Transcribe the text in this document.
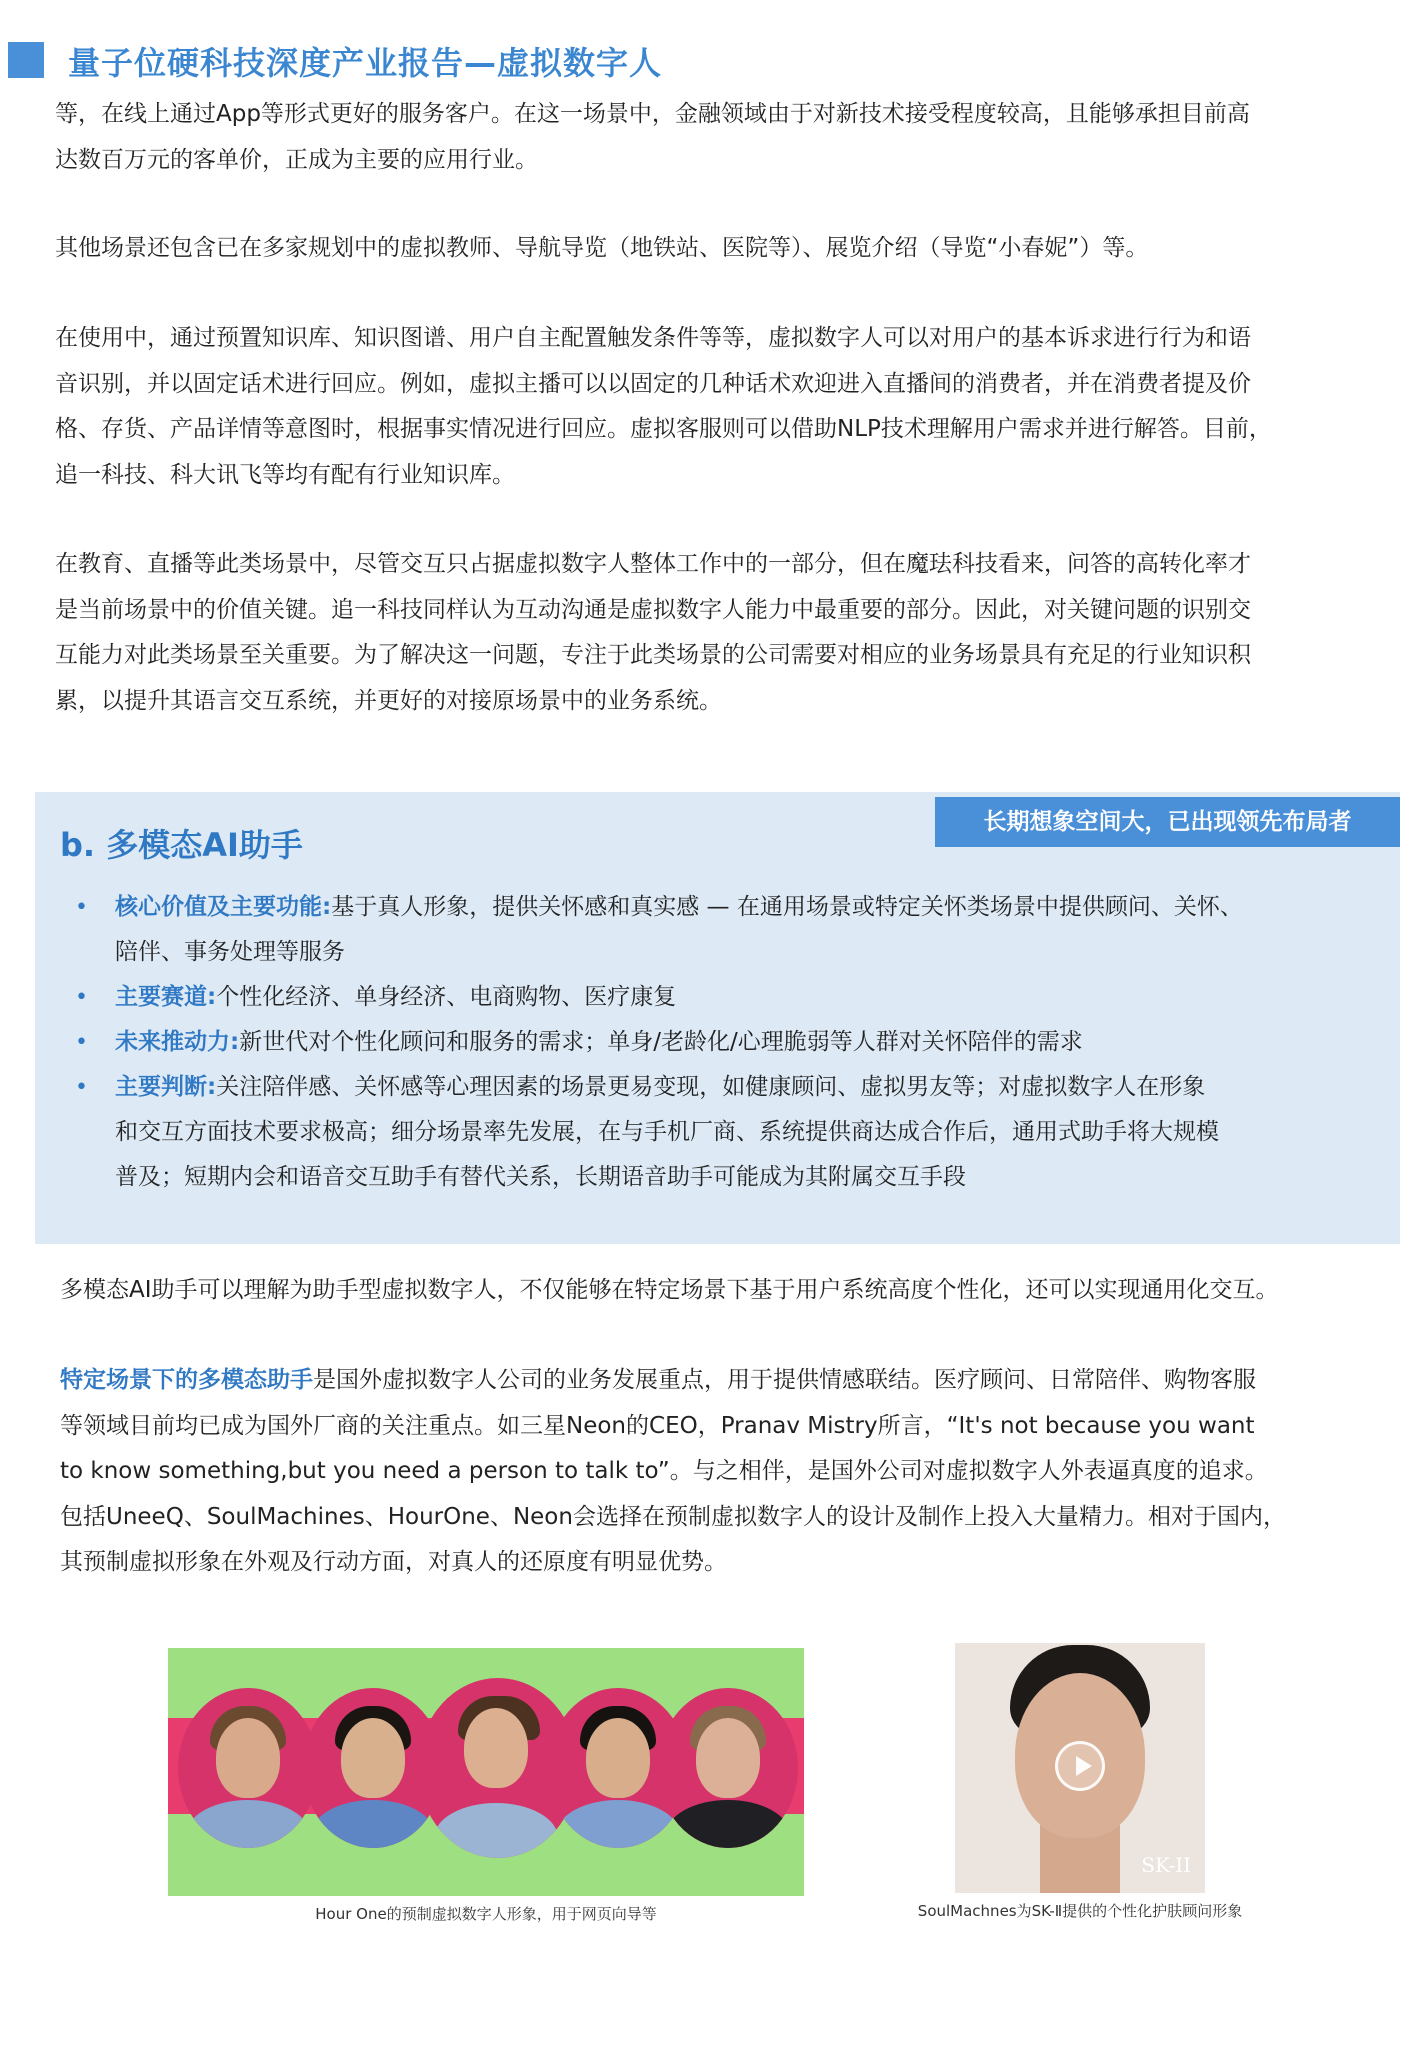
量子位硬科技深度产业报告—虚拟数字人

等，在线上通过App等形式更好的服务客户。在这一场景中，金融领域由于对新技术接受程度较高，且能够承担目前高

达数百万元的客单价，正成为主要的应用行业。

其他场景还包含已在多家规划中的虚拟教师、导航导览（地铁站、医院等）、展览介绍（导览“小春妮”）等。

在使用中，通过预置知识库、知识图谱、用户自主配置触发条件等等，虚拟数字人可以对用户的基本诉求进行行为和语

音识别，并以固定话术进行回应。例如，虚拟主播可以以固定的几种话术欢迎进入直播间的消费者，并在消费者提及价

格、存货、产品详情等意图时，根据事实情况进行回应。虚拟客服则可以借助NLP技术理解用户需求并进行解答。目前，

追一科技、科大讯飞等均有配有行业知识库。

在教育、直播等此类场景中，尽管交互只占据虚拟数字人整体工作中的一部分，但在魔珐科技看来，问答的高转化率才

是当前场景中的价值关键。追一科技同样认为互动沟通是虚拟数字人能力中最重要的部分。因此，对关键问题的识别交

互能力对此类场景至关重要。为了解决这一问题，专注于此类场景的公司需要对相应的业务场景具有充足的行业知识积

累，以提升其语言交互系统，并更好的对接原场景中的业务系统。

长期想象空间大，已出现领先布局者
b. 多模态AI助手
• 核心价值及主要功能:基于真人形象，提供关怀感和真实感 — 在通用场景或特定关怀类场景中提供顾问、关怀、
陪伴、事务处理等服务
• 主要赛道:个性化经济、单身经济、电商购物、医疗康复
• 未来推动力:新世代对个性化顾问和服务的需求；单身/老龄化/心理脆弱等人群对关怀陪伴的需求
• 主要判断:关注陪伴感、关怀感等心理因素的场景更易变现，如健康顾问、虚拟男友等；对虚拟数字人在形象
和交互方面技术要求极高；细分场景率先发展，在与手机厂商、系统提供商达成合作后，通用式助手将大规模
普及；短期内会和语音交互助手有替代关系，长期语音助手可能成为其附属交互手段

多模态AI助手可以理解为助手型虚拟数字人，不仅能够在特定场景下基于用户系统高度个性化，还可以实现通用化交互。

特定场景下的多模态助手是国外虚拟数字人公司的业务发展重点，用于提供情感联结。医疗顾问、日常陪伴、购物客服

等领域目前均已成为国外厂商的关注重点。如三星Neon的CEO，Pranav Mistry所言，“It's not because you want

to know something,but you need a person to talk to”。与之相伴，是国外公司对虚拟数字人外表逼真度的追求。

包括UneeQ、SoulMachines、HourOne、Neon会选择在预制虚拟数字人的设计及制作上投入大量精力。相对于国内，

其预制虚拟形象在外观及行动方面，对真人的还原度有明显优势。

Hour One的预制虚拟数字人形象，用于网页向导等
SK-II
SoulMachnes为SK-Ⅱ提供的个性化护肤顾问形象
